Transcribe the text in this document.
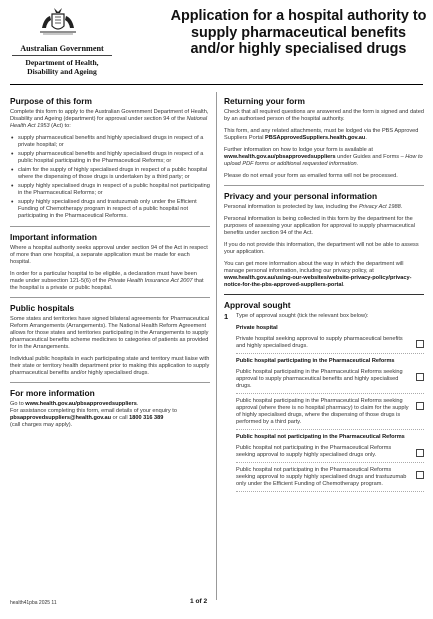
Australian Government
Department of Health, Disability and Ageing
Application for a hospital authority to supply pharmaceutical benefits and/or highly specialised drugs
Purpose of this form

Complete this form to apply to the Australian Government Department of Health, Disability and Ageing (department) for approval under section 94 of the National Health Act 1953 (Act) to:

• supply pharmaceutical benefits and highly specialised drugs in respect of a private hospital; or
• supply pharmaceutical benefits and highly specialised drugs in respect of a public hospital participating in the Pharmaceutical Reforms; or
• claim for the supply of highly specialised drugs in respect of a public hospital where the dispensing of those drugs is undertaken by a third party; or
• supply highly specialised drugs in respect of a public hospital not participating in the Pharmaceutical Reforms; or
• supply highly specialised drugs and trastuzumab only under the Efficient Funding of Chemotherapy program in respect of a public hospital not participating in the Pharmaceutical Reforms.
Important information

Where a hospital authority seeks approval under section 94 of the Act in respect of more than one hospital, a separate application must be made for each hospital.

In order for a particular hospital to be eligible, a declaration must have been made under subsection 121-5(6) of the Private Health Insurance Act 2007 that the hospital is a private or public hospital.

Public hospitals

Some states and territories have signed bilateral agreements for Pharmaceutical Reform Arrangements (Arrangements). The National Health Reform Agreement allows for those states and territories participating in the Arrangements to supply pharmaceutical benefits scheme medicines to categories of patients as provided for in the Arrangements.

Individual public hospitals in each participating state and territory must liaise with their state or territory health department prior to making this application to supply pharmaceutical benefits and/or highly specialised drugs.

For more information

Go to www.health.gov.au/pbsapprovedsuppliers.
For assistance completing this form, email details of your enquiry to pbsapprovedsuppliers@health.gov.au or call 1800 316 389
(call charges may apply).

Returning your form

Check that all required questions are answered and the form is signed and dated by an authorised person of the hospital authority.

This form, and any related attachments, must be lodged via the PBS Approved Suppliers Portal PBSApprovedSuppliers.health.gov.au.

Further information on how to lodge your form is available at www.health.gov.au/pbsapprovedsuppliers under Guides and Forms – How to upload PDF forms or additional requested information.

Please do not email your form as emailed forms will not be processed.

Privacy and your personal information

Personal information is protected by law, including the Privacy Act 1988.

Personal information is being collected in this form by the department for the purposes of assessing your application for approval to supply pharmaceutical benefits under section 94 of the Act.

If you do not provide this information, the department will not be able to assess your application.

You can get more information about the way in which the department will manage personal information, including our privacy policy, at www.health.gov.au/using-our-websites/website-privacy-policy/privacy-notice-for-the-pbs-approved-suppliers-portal.

Approval sought
1	Type of approval sought (tick the relevant box below):
Private hospital
Private hospital seeking approval to supply pharmaceutical benefits and highly specialised drugs.
Public hospital participating in the Pharmaceutical Reforms
Public hospital participating in the Pharmaceutical Reforms seeking approval to supply pharmaceutical benefits and highly specialised drugs.
Public hospital participating in the Pharmaceutical Reforms seeking approval (where there is no hospital pharmacy) to claim for the supply of highly specialised drugs, where the dispensing of those drugs is performed by a third party.
Public hospital not participating in the Pharmaceutical Reforms
Public hospital not participating in the Pharmaceutical Reforms seeking approval to supply highly specialised drugs only.
Public hospital not participating in the Pharmaceutical Reforms seeking approval to supply highly specialised drugs and trastuzumab only under the Efficient Funding of Chemotherapy program.
health41pba 2025 11	1 of 2
